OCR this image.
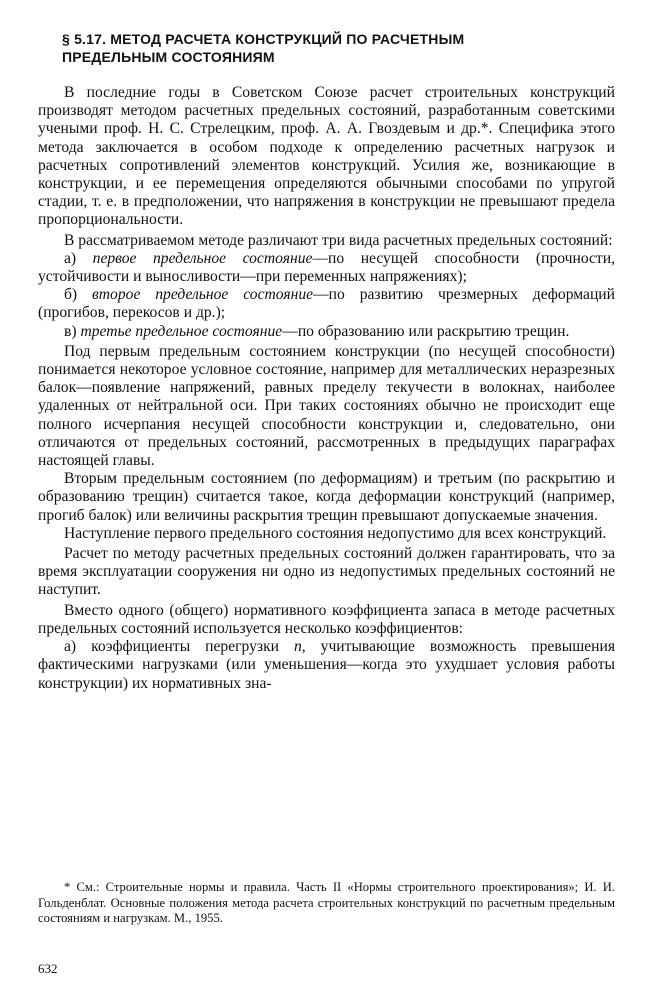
§ 5.17. МЕТОД РАСЧЕТА КОНСТРУКЦИЙ ПО РАСЧЕТНЫМ ПРЕДЕЛЬНЫМ СОСТОЯНИЯМ

В последние годы в Советском Союзе расчет строительных конструкций производят методом расчетных предельных состояний, разработанным советскими учеными проф. Н. С. Стрелецким, проф. А. А. Гвоздевым и др.*. Специфика этого метода заключается в особом подходе к определению расчетных нагрузок и расчетных сопротивлений элементов конструкций. Усилия же, возникающие в конструкции, и ее перемещения определяются обычными способами по упругой стадии, т. е. в предположении, что напряжения в конструкции не превышают предела пропорциональности.

В рассматриваемом методе различают три вида расчетных предельных состояний:

а) первое предельное состояние—по несущей способности (прочности, устойчивости и выносливости—при переменных напряжениях);

б) второе предельное состояние—по развитию чрезмерных деформаций (прогибов, перекосов и др.);

в) третье предельное состояние—по образованию или раскрытию трещин.

Под первым предельным состоянием конструкции (по несущей способности) понимается некоторое условное состояние, например для металлических неразрезных балок—появление напряжений, равных пределу текучести в волокнах, наиболее удаленных от нейтральной оси. При таких состояниях обычно не происходит еще полного исчерпания несущей способности конструкции и, следовательно, они отличаются от предельных состояний, рассмотренных в предыдущих параграфах настоящей главы.

Вторым предельным состоянием (по деформациям) и третьим (по раскрытию и образованию трещин) считается такое, когда деформации конструкций (например, прогиб балок) или величины раскрытия трещин превышают допускаемые значения.

Наступление первого предельного состояния недопустимо для всех конструкций.

Расчет по методу расчетных предельных состояний должен гарантировать, что за время эксплуатации сооружения ни одно из недопустимых предельных состояний не наступит.

Вместо одного (общего) нормативного коэффициента запаса в методе расчетных предельных состояний используется несколько коэффициентов:

а) коэффициенты перегрузки n, учитывающие возможность превышения фактическими нагрузками (или уменьшения—когда это ухудшает условия работы конструкции) их нормативных зна-

* См.: Строительные нормы и правила. Часть II «Нормы строительного проектирования»; И. И. Гольденблат. Основные положения метода расчета строительных конструкций по расчетным предельным состояниям и нагрузкам. М., 1955.
632
